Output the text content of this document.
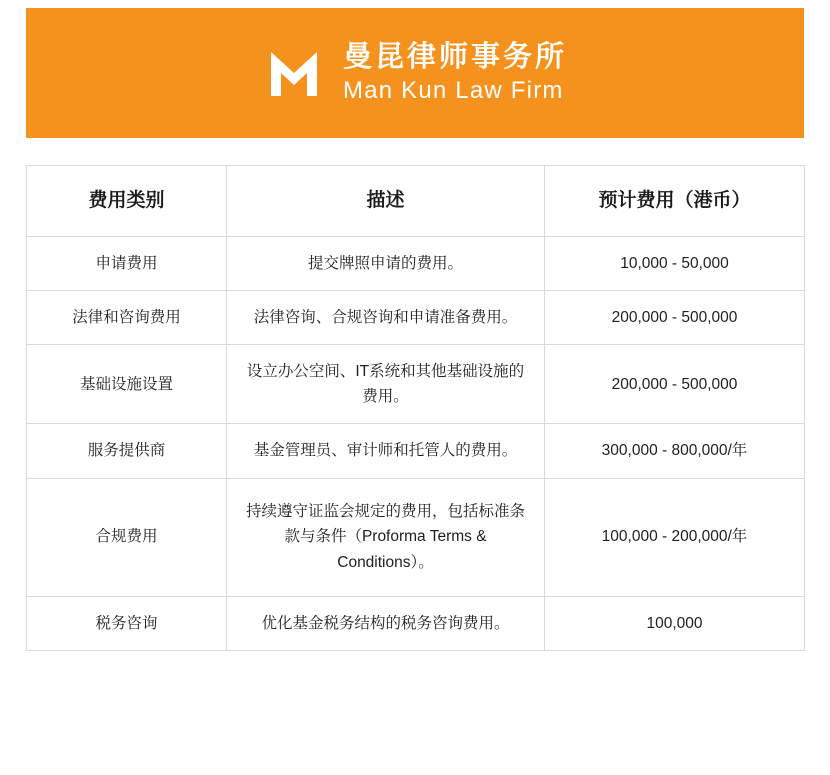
曼昆律师事务所
Man Kun Law Firm
费用类别	描述	预计费用（港币）
申请费用	提交牌照申请的费用。	10,000 - 50,000
法律和咨询费用	法律咨询、合规咨询和申请准备费用。	200,000 - 500,000
基础设施设置	设立办公空间、IT系统和其他基础设施的费用。	200,000 - 500,000
服务提供商	基金管理员、审计师和托管人的费用。	300,000 - 800,000/年
合规费用	持续遵守证监会规定的费用，包括标准条款与条件（Proforma Terms & Conditions）。	100,000 - 200,000/年
税务咨询	优化基金税务结构的税务咨询费用。	100,000
